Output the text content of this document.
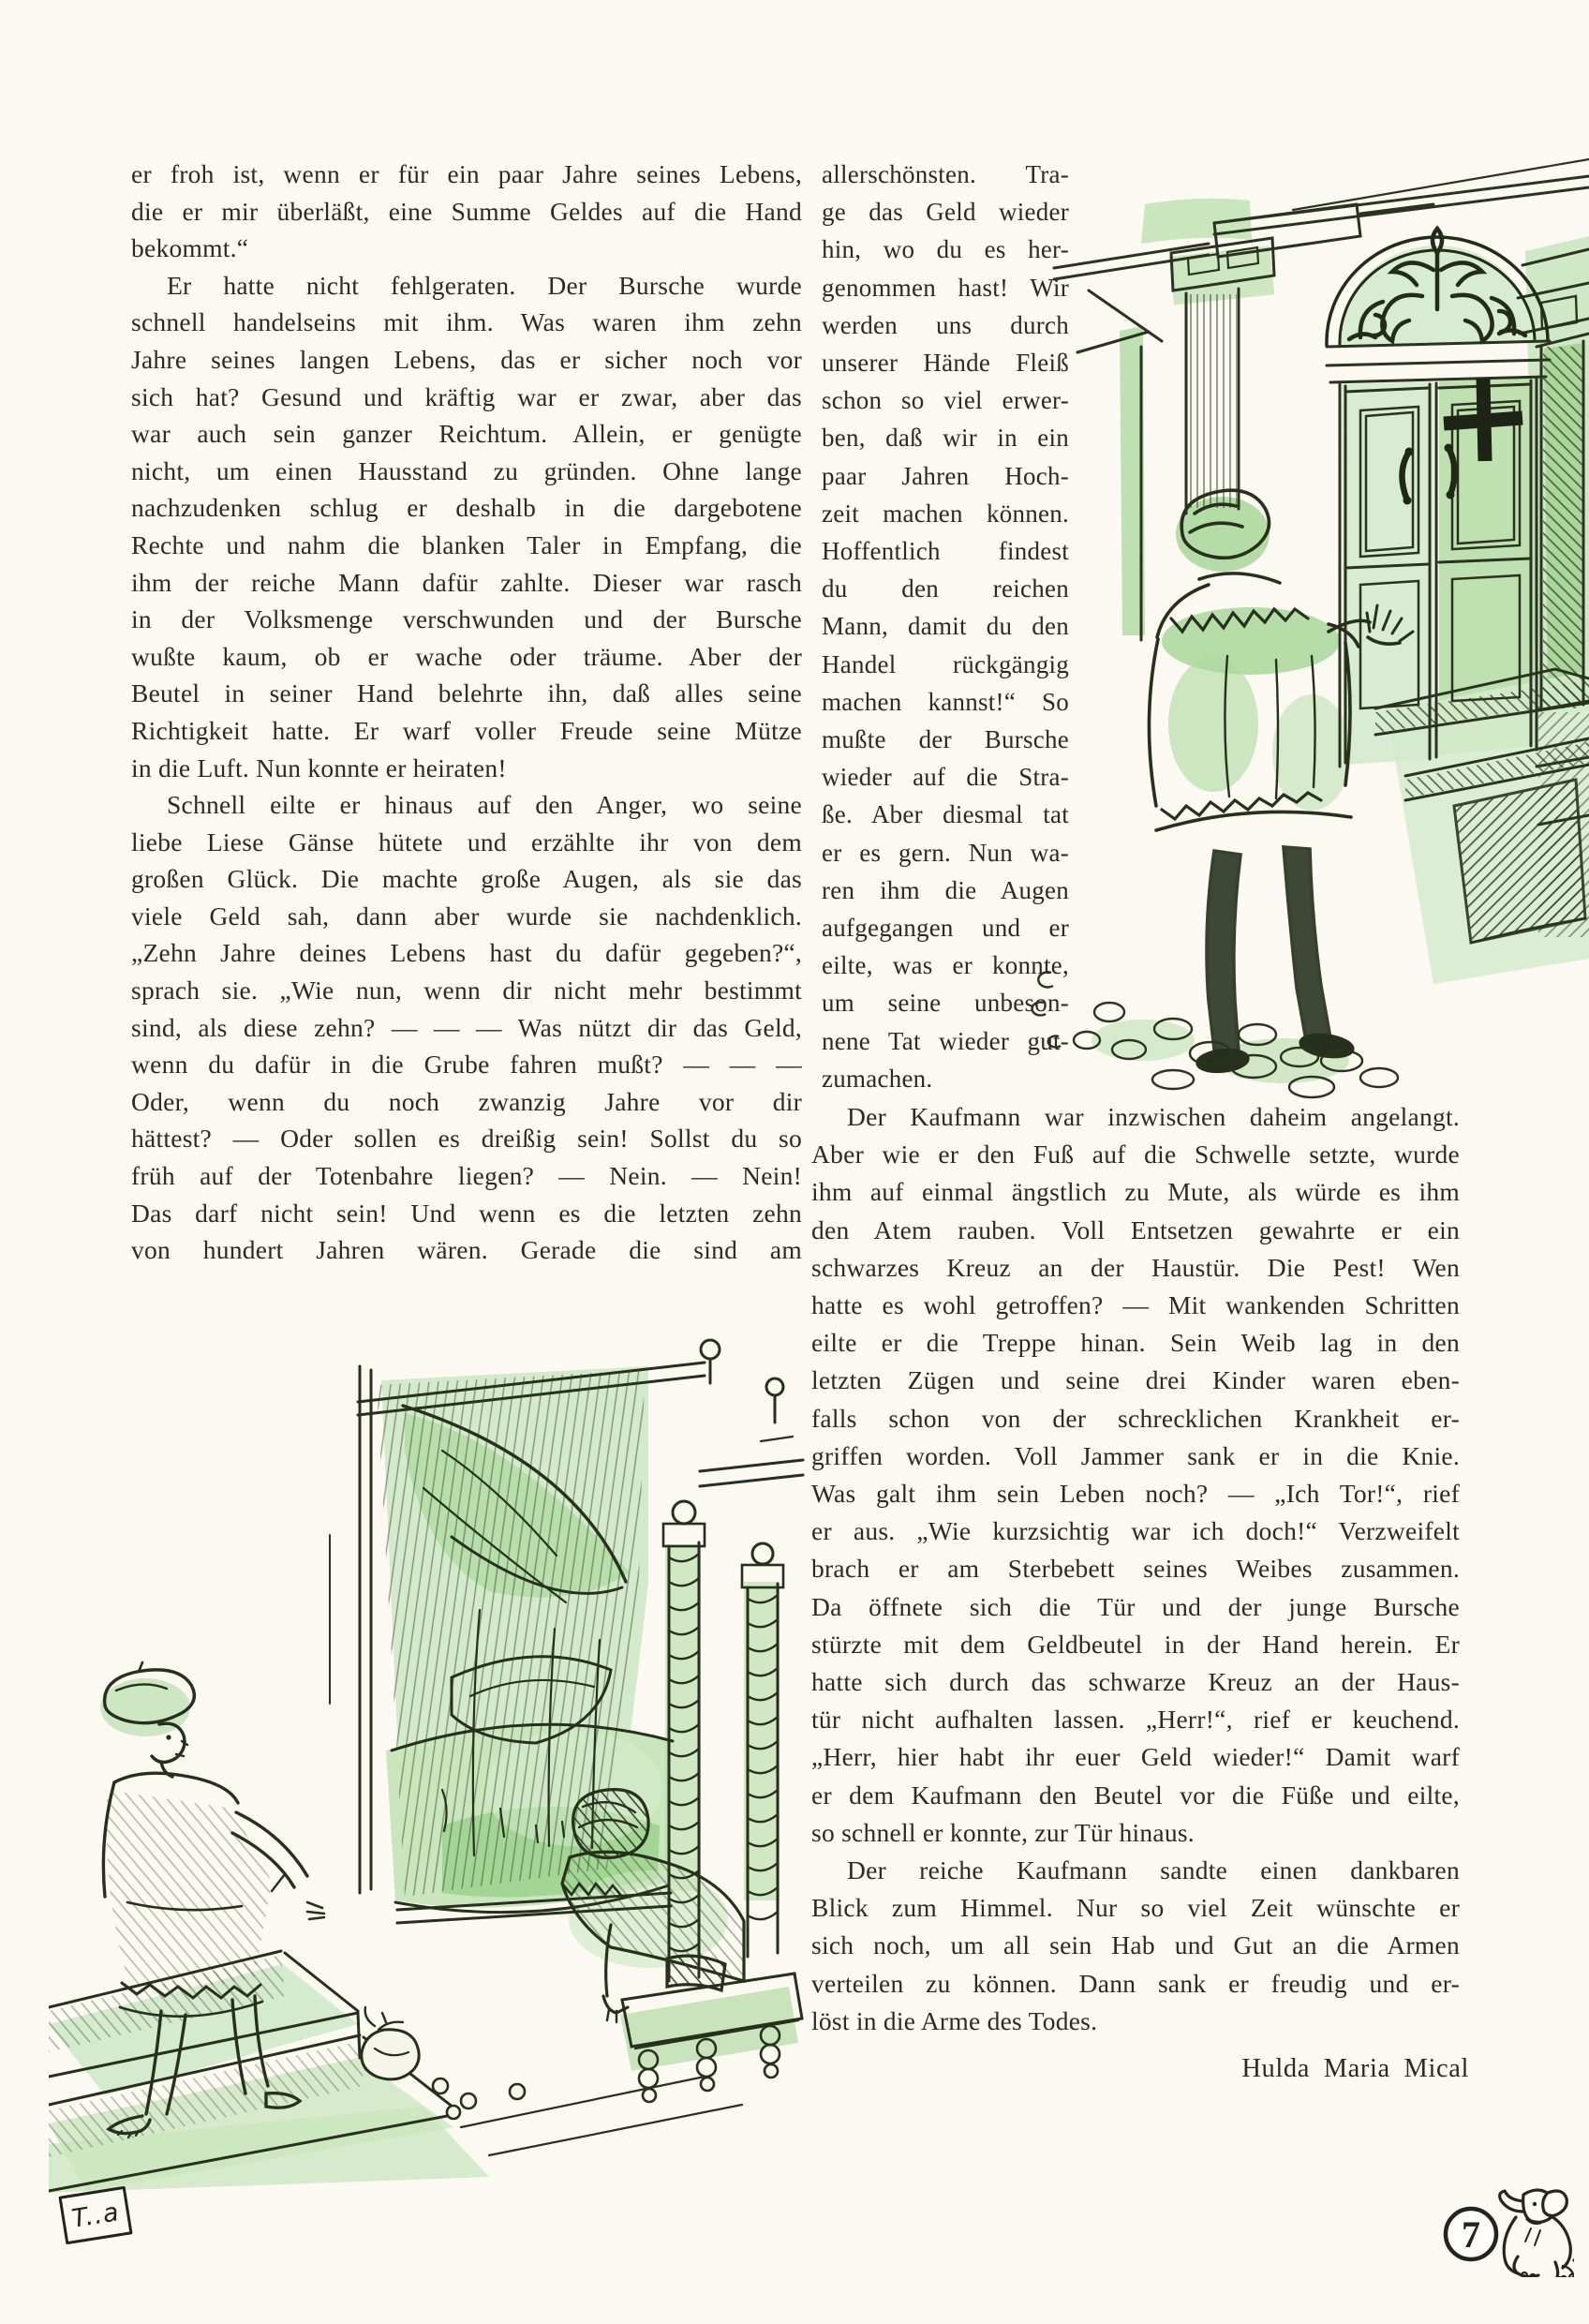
er froh ist, wenn er für ein paar Jahre seines Lebens,
die er mir überläßt, eine Summe Geldes auf die Hand
bekommt.“
Er hatte nicht fehlgeraten. Der Bursche wurde
schnell handelseins mit ihm. Was waren ihm zehn
Jahre seines langen Lebens, das er sicher noch vor
sich hat? Gesund und kräftig war er zwar, aber das
war auch sein ganzer Reichtum. Allein, er genügte
nicht, um einen Hausstand zu gründen. Ohne lange
nachzudenken schlug er deshalb in die dargebotene
Rechte und nahm die blanken Taler in Empfang, die
ihm der reiche Mann dafür zahlte. Dieser war rasch
in der Volksmenge verschwunden und der Bursche
wußte kaum, ob er wache oder träume. Aber der
Beutel in seiner Hand belehrte ihn, daß alles seine
Richtigkeit hatte. Er warf voller Freude seine Mütze
in die Luft. Nun konnte er heiraten!
Schnell eilte er hinaus auf den Anger, wo seine
liebe Liese Gänse hütete und erzählte ihr von dem
großen Glück. Die machte große Augen, als sie das
viele Geld sah, dann aber wurde sie nachdenklich.
„Zehn Jahre deines Lebens hast du dafür gegeben?“,
sprach sie. „Wie nun, wenn dir nicht mehr bestimmt
sind, als diese zehn? — — — Was nützt dir das Geld,
wenn du dafür in die Grube fahren mußt? — — —
Oder, wenn du noch zwanzig Jahre vor dir
hättest? — Oder sollen es dreißig sein! Sollst du so
früh auf der Totenbahre liegen? — Nein. — Nein!
Das darf nicht sein! Und wenn es die letzten zehn
von hundert Jahren wären. Gerade die sind am
allerschönsten. Tra-
ge das Geld wieder
hin, wo du es her-
genommen hast! Wir
werden uns durch
unserer Hände Fleiß
schon so viel erwer-
ben, daß wir in ein
paar Jahren Hoch-
zeit machen können.
Hoffentlich findest
du den reichen
Mann, damit du den
Handel rückgängig
machen kannst!“ So
mußte der Bursche
wieder auf die Stra-
ße. Aber diesmal tat
er es gern. Nun wa-
ren ihm die Augen
aufgegangen und er
eilte, was er konnte,
um seine unbeson-
nene Tat wieder gut-
zumachen.
Der Kaufmann war inzwischen daheim angelangt.
Aber wie er den Fuß auf die Schwelle setzte, wurde
ihm auf einmal ängstlich zu Mute, als würde es ihm
den Atem rauben. Voll Entsetzen gewahrte er ein
schwarzes Kreuz an der Haustür. Die Pest! Wen
hatte es wohl getroffen? — Mit wankenden Schritten
eilte er die Treppe hinan. Sein Weib lag in den
letzten Zügen und seine drei Kinder waren eben-
falls schon von der schrecklichen Krankheit er-
griffen worden. Voll Jammer sank er in die Knie.
Was galt ihm sein Leben noch? — „Ich Tor!“, rief
er aus. „Wie kurzsichtig war ich doch!“ Verzweifelt
brach er am Sterbebett seines Weibes zusammen.
Da öffnete sich die Tür und der junge Bursche
stürzte mit dem Geldbeutel in der Hand herein. Er
hatte sich durch das schwarze Kreuz an der Haus-
tür nicht aufhalten lassen. „Herr!“, rief er keuchend.
„Herr, hier habt ihr euer Geld wieder!“ Damit warf
er dem Kaufmann den Beutel vor die Füße und eilte,
so schnell er konnte, zur Tür hinaus.
Der reiche Kaufmann sandte einen dankbaren
Blick zum Himmel. Nur so viel Zeit wünschte er
sich noch, um all sein Hab und Gut an die Armen
verteilen zu können. Dann sank er freudig und er-
löst in die Arme des Todes.
Hulda Maria Mical
7
T..a
